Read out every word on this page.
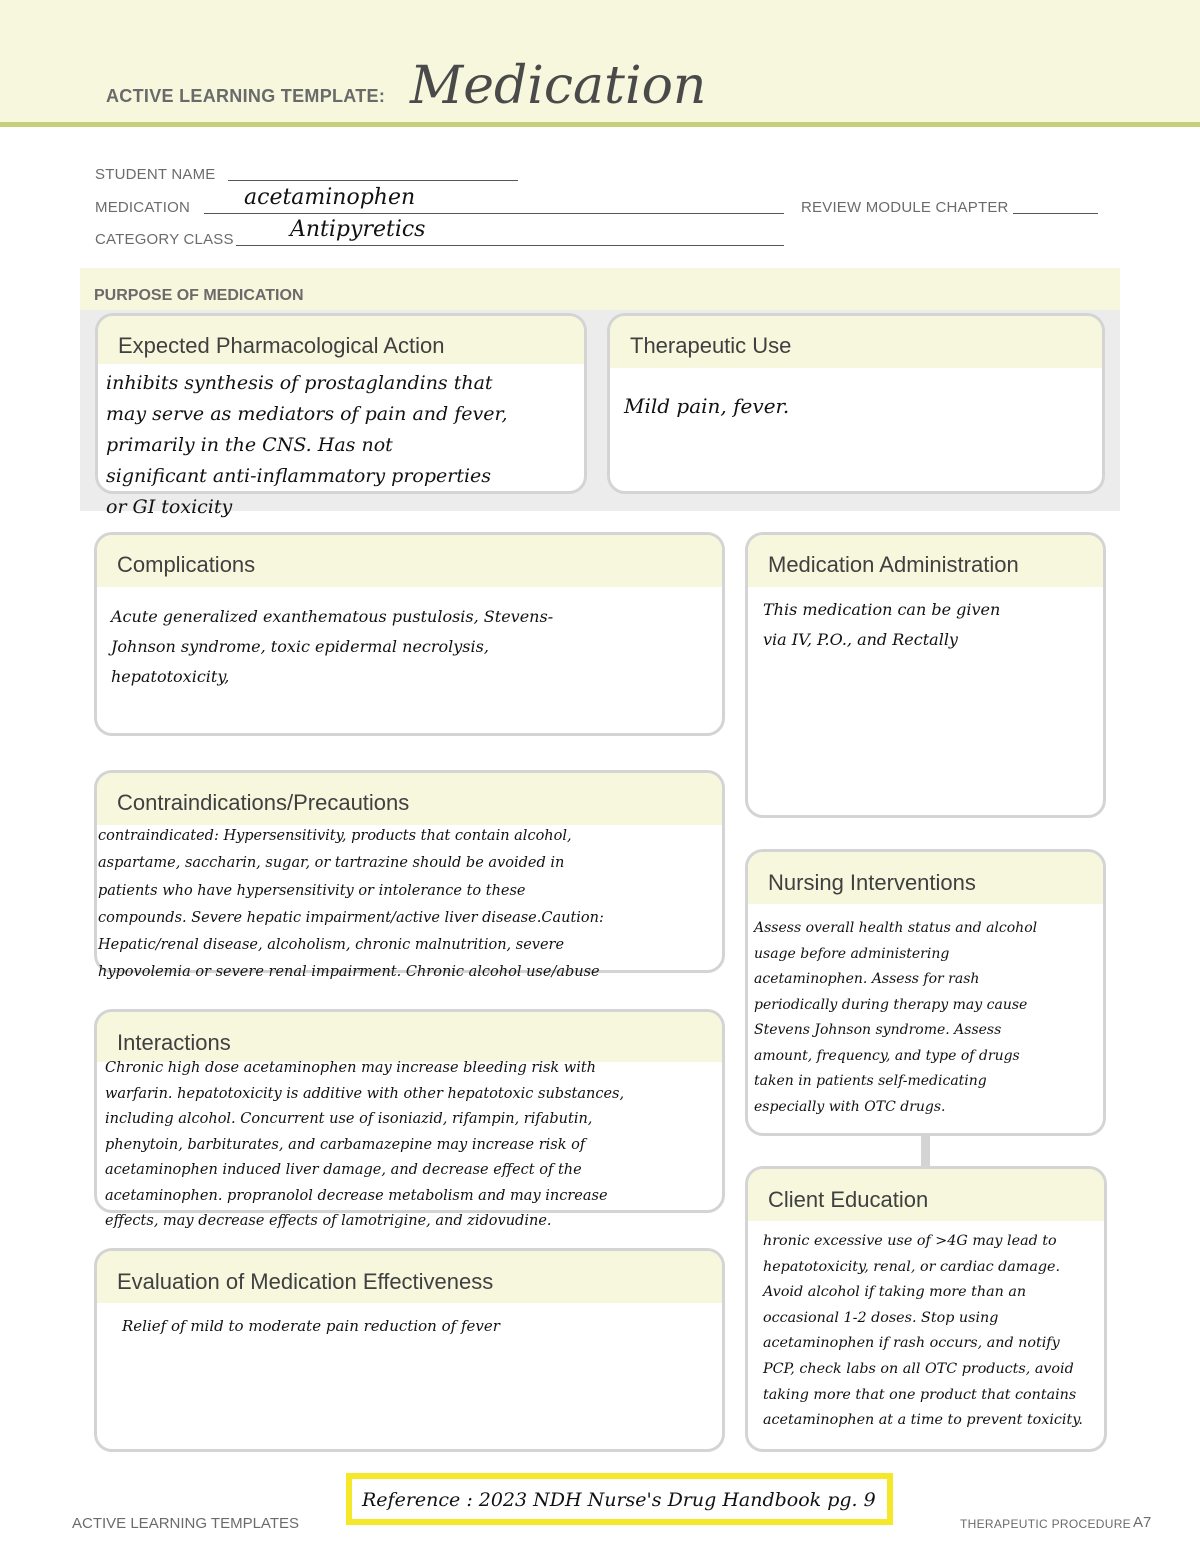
ACTIVE LEARNING TEMPLATE: Medication
STUDENT NAME
MEDICATION acetaminophen	REVIEW MODULE CHAPTER
CATEGORY CLASS	Antipyretics
PURPOSE OF MEDICATION
Expected Pharmacological Action
inhibits synthesis of prostaglandins that
may serve as mediators of pain and fever,
primarily in the CNS. Has not
significant anti-inflammatory properties
or GI toxicity
Therapeutic Use
Mild pain, fever.
Complications
Acute generalized exanthematous pustulosis, Stevens-
Johnson syndrome, toxic epidermal necrolysis,
hepatotoxicity,
Medication Administration
This medication can be given
via IV, P.O., and Rectally
Contraindications/Precautions
contraindicated: Hypersensitivity, products that contain alcohol,
aspartame, saccharin, sugar, or tartrazine should be avoided in
patients who have hypersensitivity or intolerance to these
compounds. Severe hepatic impairment/active liver disease.Caution:
Hepatic/renal disease, alcoholism, chronic malnutrition, severe
hypovolemia or severe renal impairment. Chronic alcohol use/abuse
Nursing Interventions
Assess overall health status and alcohol
usage before administering
acetaminophen. Assess for rash
periodically during therapy may cause
Stevens Johnson syndrome. Assess
amount, frequency, and type of drugs
taken in patients self-medicating
especially with OTC drugs.
Interactions
Chronic high dose acetaminophen may increase bleeding risk with
warfarin. hepatotoxicity is additive with other hepatotoxic substances,
including alcohol. Concurrent use of isoniazid, rifampin, rifabutin,
phenytoin, barbiturates, and carbamazepine may increase risk of
acetaminophen induced liver damage, and decrease effect of the
acetaminophen. propranolol decrease metabolism and may increase
effects, may decrease effects of lamotrigine, and zidovudine.
Client Education
hronic excessive use of >4G may lead to
hepatotoxicity, renal, or cardiac damage.
Avoid alcohol if taking more than an
occasional 1-2 doses. Stop using
acetaminophen if rash occurs, and notify
PCP, check labs on all OTC products, avoid
taking more that one product that contains
acetaminophen at a time to prevent toxicity.
Evaluation of Medication Effectiveness
Relief of mild to moderate pain reduction of fever
Reference : 2023 NDH Nurse's Drug Handbook pg. 9
ACTIVE LEARNING TEMPLATES	THERAPEUTIC PROCEDURE A7
